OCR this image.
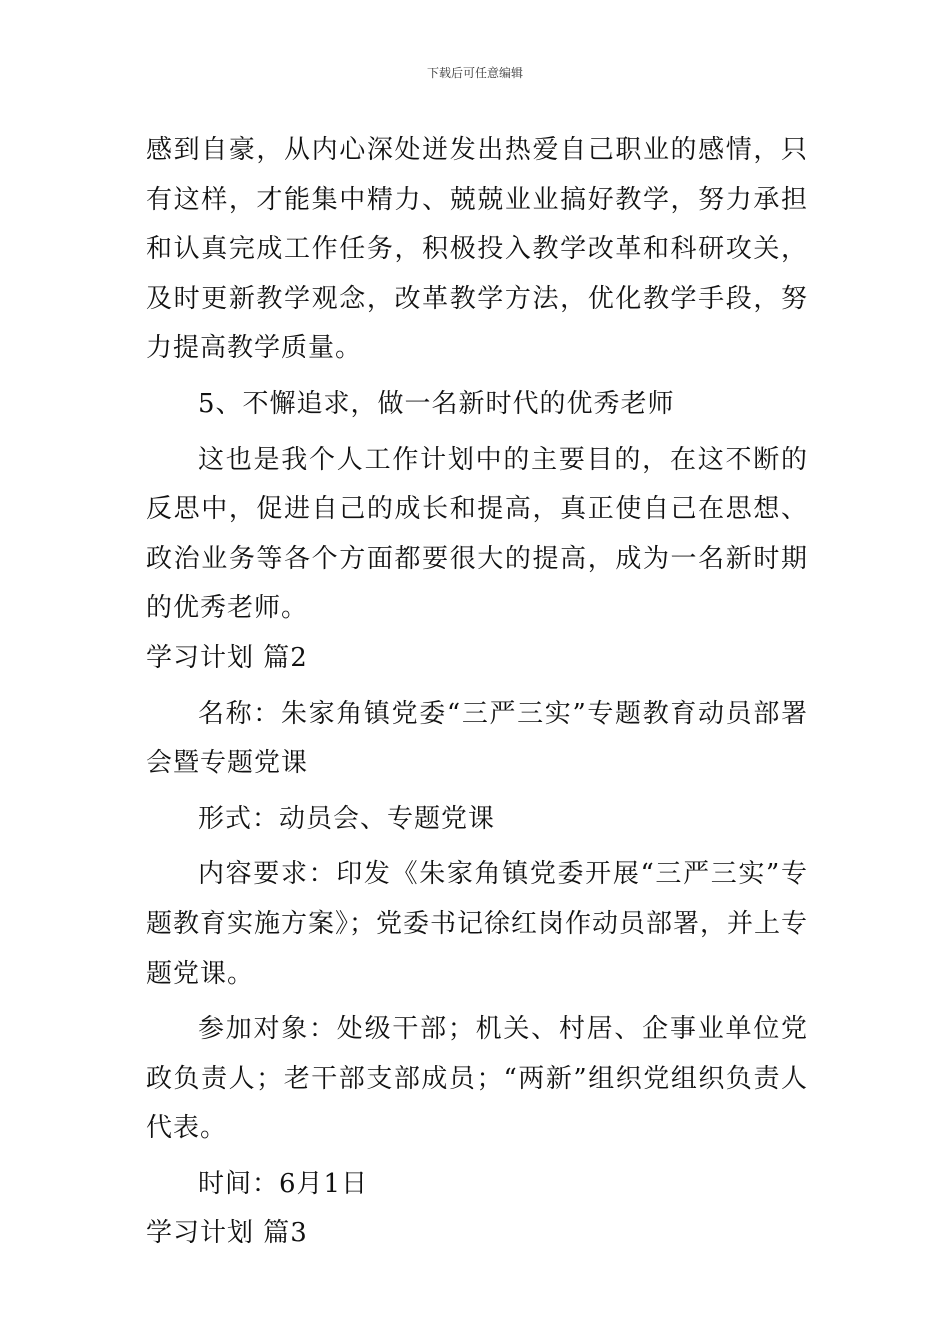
下载后可任意编辑

感到自豪，从内心深处迸发出热爱自己职业的感情，只有这样，才能集中精力、兢兢业业搞好教学，努力承担和认真完成工作任务，积极投入教学改革和科研攻关，及时更新教学观念，改革教学方法，优化教学手段，努力提高教学质量。

5、不懈追求，做一名新时代的优秀老师

这也是我个人工作计划中的主要目的，在这不断的反思中，促进自己的成长和提高，真正使自己在思想、政治业务等各个方面都要很大的提高，成为一名新时期的优秀老师。

学习计划 篇2

名称：朱家角镇党委“三严三实”专题教育动员部署会暨专题党课

形式：动员会、专题党课

内容要求：印发《朱家角镇党委开展“三严三实”专题教育实施方案》；党委书记徐红岗作动员部署，并上专题党课。

参加对象：处级干部；机关、村居、企事业单位党政负责人；老干部支部成员；“两新”组织党组织负责人代表。

时间：6月1日

学习计划 篇3
